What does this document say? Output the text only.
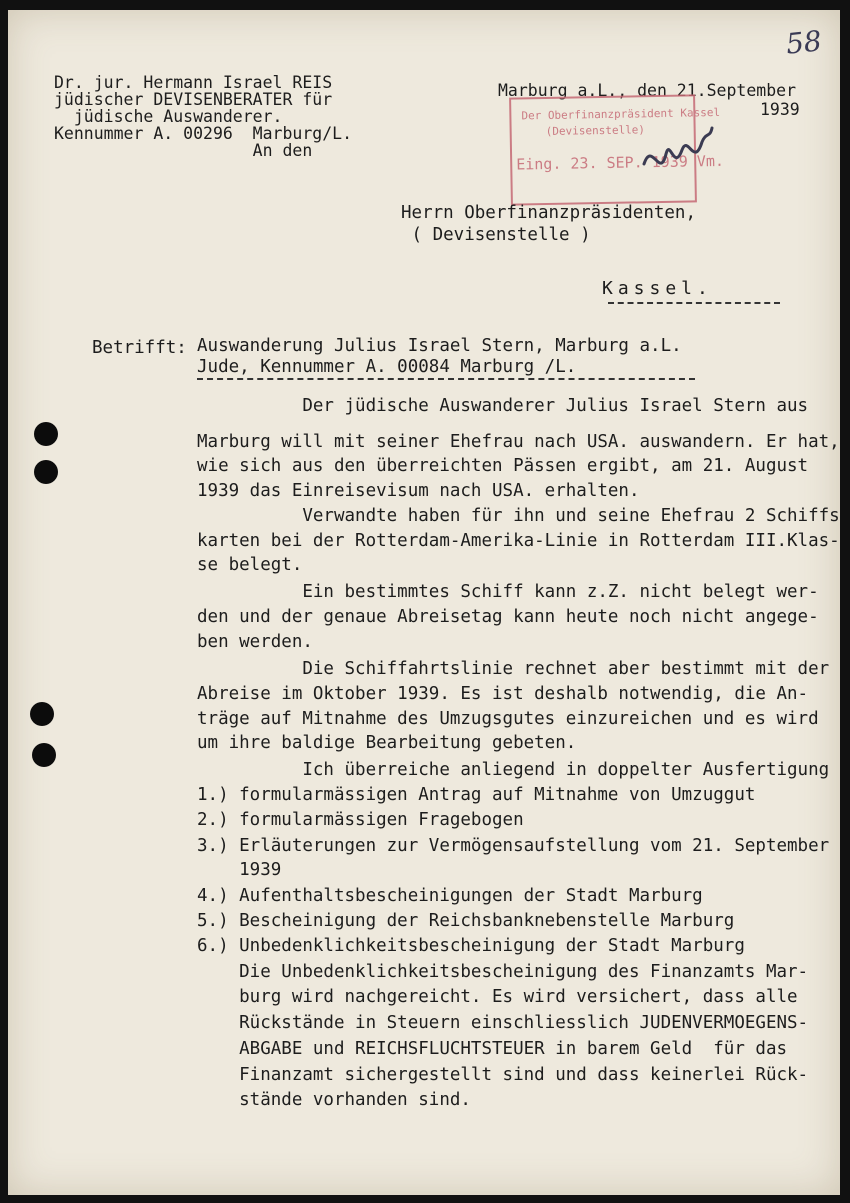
58
Dr. jur. Hermann Israel REIS
jüdischer DEVISENBERATER für
jüdische Auswanderer.
Kennummer A. 00296  Marburg/L.
An den
Marburg a.L., den 21.September
1939
Der Oberfinanzpräsident Kassel
(Devisenstelle)
Eing. 23. SEP. 1939 Vm.
Herrn Oberfinanzpräsidenten,
( Devisenstelle )
Kassel.
Betrifft: Auswanderung Julius Israel Stern, Marburg a.L.
Jude, Kennummer A. 00084 Marburg /L.
Der jüdische Auswanderer Julius Israel Stern aus
Marburg will mit seiner Ehefrau nach USA. auswandern. Er hat,
wie sich aus den überreichten Pässen ergibt, am 21. August
1939 das Einreisevisum nach USA. erhalten.
Verwandte haben für ihn und seine Ehefrau 2 Schiffs
karten bei der Rotterdam-Amerika-Linie in Rotterdam III.Klas-
se belegt.
Ein bestimmtes Schiff kann z.Z. nicht belegt wer-
den und der genaue Abreisetag kann heute noch nicht angege-
ben werden.
Die Schiffahrtslinie rechnet aber bestimmt mit der
Abreise im Oktober 1939. Es ist deshalb notwendig, die An-
träge auf Mitnahme des Umzugsgutes einzureichen und es wird
um ihre baldige Bearbeitung gebeten.
Ich überreiche anliegend in doppelter Ausfertigung
1.) formularmässigen Antrag auf Mitnahme von Umzuggut
2.) formularmässigen Fragebogen
3.) Erläuterungen zur Vermögensaufstellung vom 21. September
1939
4.) Aufenthaltsbescheinigungen der Stadt Marburg
5.) Bescheinigung der Reichsbanknebenstelle Marburg
6.) Unbedenklichkeitsbescheinigung der Stadt Marburg
Die Unbedenklichkeitsbescheinigung des Finanzamts Mar-
burg wird nachgereicht. Es wird versichert, dass alle
Rückstände in Steuern einschliesslich JUDENVERMOEGENS-
ABGABE und REICHSFLUCHTSTEUER in barem Geld  für das
Finanzamt sichergestellt sind und dass keinerlei Rück-
stände vorhanden sind.
